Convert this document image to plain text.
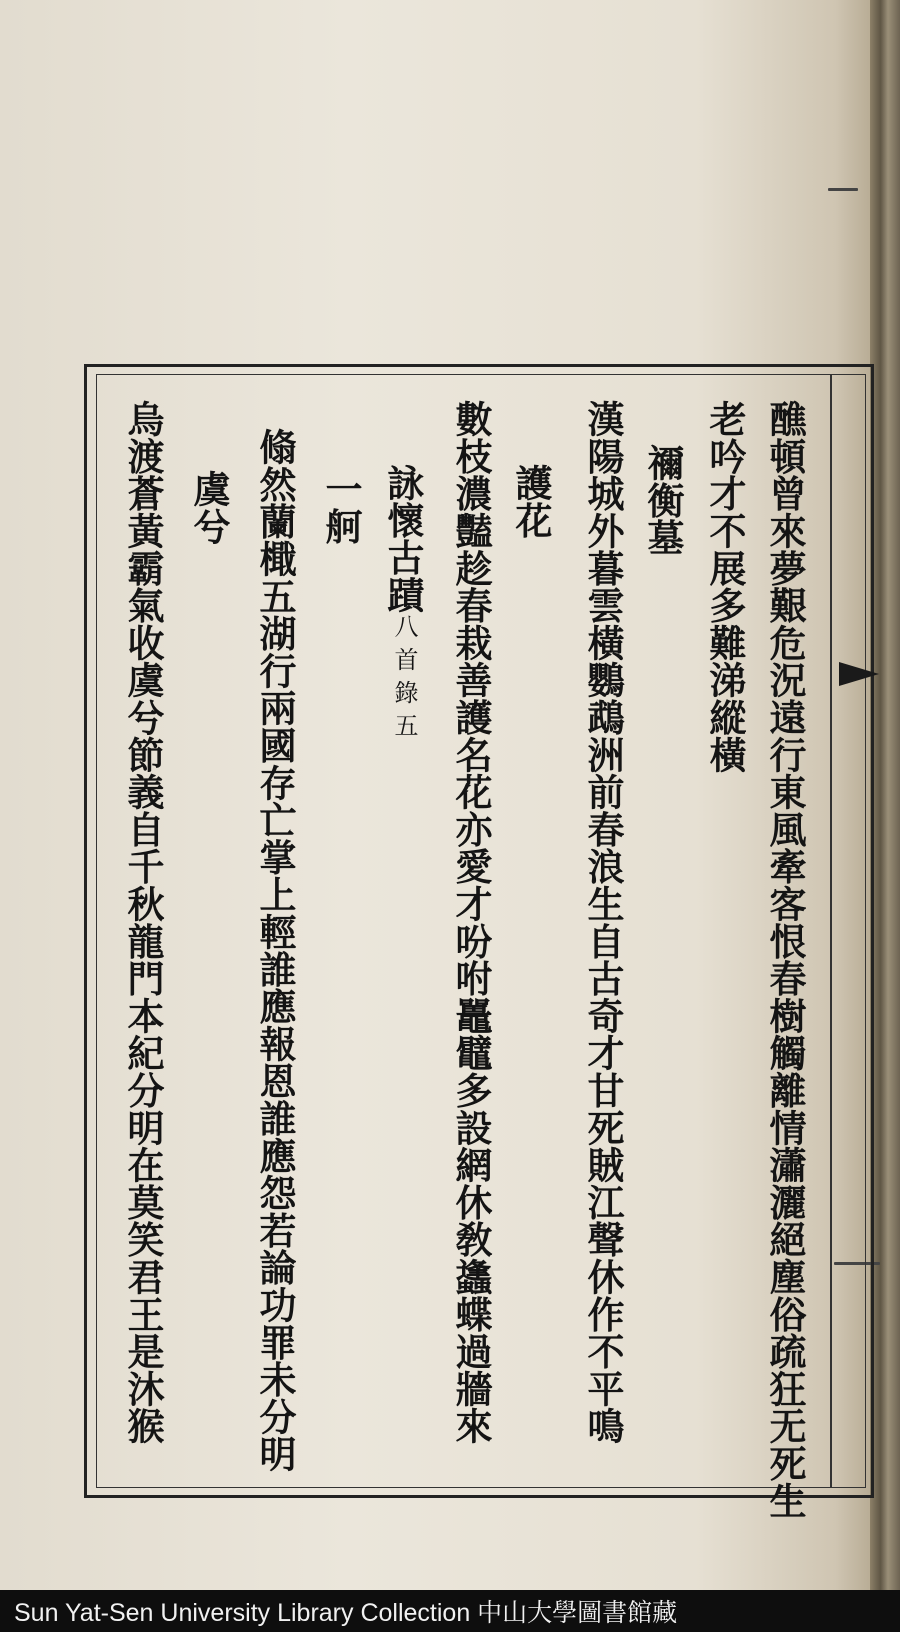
醮頓曾來夢艱危況遠行東風牽客恨春樹觸離情瀟灑絕塵俗疏狂无死生
老吟才不展多難涕縱橫
禰衡墓
漢陽城外暮雲橫鸚鵡洲前春浪生自古奇才甘死賊江聲休作不平鳴
護花
數枝濃豔趁春栽善護名花亦愛才吩咐鼉鼊多設網休敎蠭蝶過牆來
詠懷古蹟
八首錄五
一舸
翛然蘭檝五湖行兩國存亡掌上輕誰應報恩誰應怨若論功罪未分明
虞兮
烏渡蒼黃霸氣收虞兮節義自千秋龍門本紀分明在莫笑君王是沐猴
Sun Yat-Sen University Library Collection 中山大學圖書館藏
